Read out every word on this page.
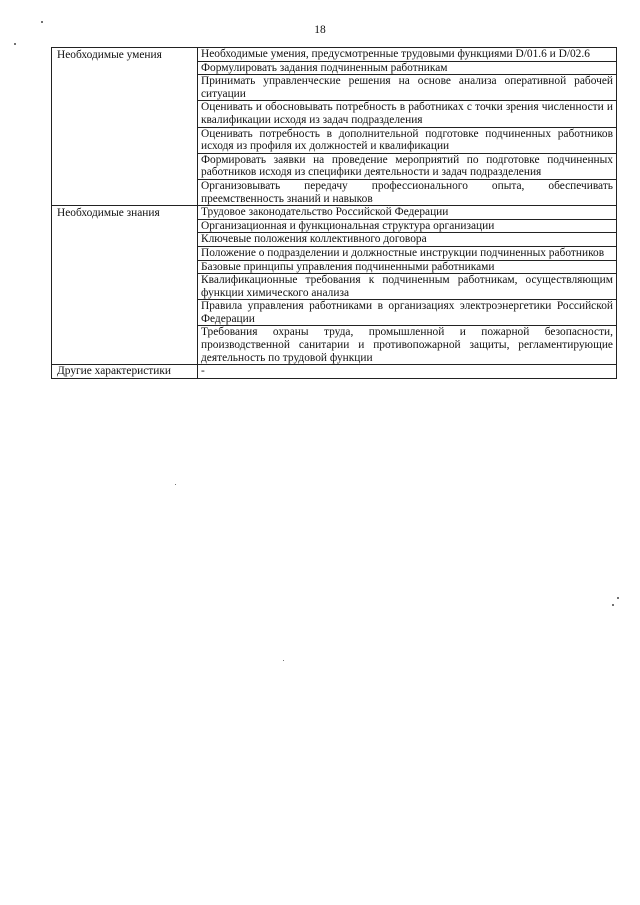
18
Необходимые умения	Необходимые умения, предусмотренные трудовыми функциями D/01.6 и D/02.6
	Формулировать задания подчиненным работникам
	Принимать управленческие решения на основе анализа оперативной рабочей ситуации
	Оценивать и обосновывать потребность в работниках с точки зрения численности и квалификации исходя из задач подразделения
	Оценивать потребность в дополнительной подготовке подчиненных работников исходя из профиля их должностей и квалификации
	Формировать заявки на проведение мероприятий по подготовке подчиненных работников исходя из специфики деятельности и задач подразделения
	Организовывать передачу профессионального опыта, обеспечивать преемственность знаний и навыков
Необходимые знания	Трудовое законодательство Российской Федерации
	Организационная и функциональная структура организации
	Ключевые положения коллективного договора
	Положение о подразделении и должностные инструкции подчиненных работников
	Базовые принципы управления подчиненными работниками
	Квалификационные требования к подчиненным работникам, осуществляющим функции химического анализа
	Правила управления работниками в организациях электроэнергетики Российской Федерации
	Требования охраны труда, промышленной и пожарной безопасности, производственной санитарии и противопожарной защиты, регламентирующие деятельность по трудовой функции
Другие характеристики	-
